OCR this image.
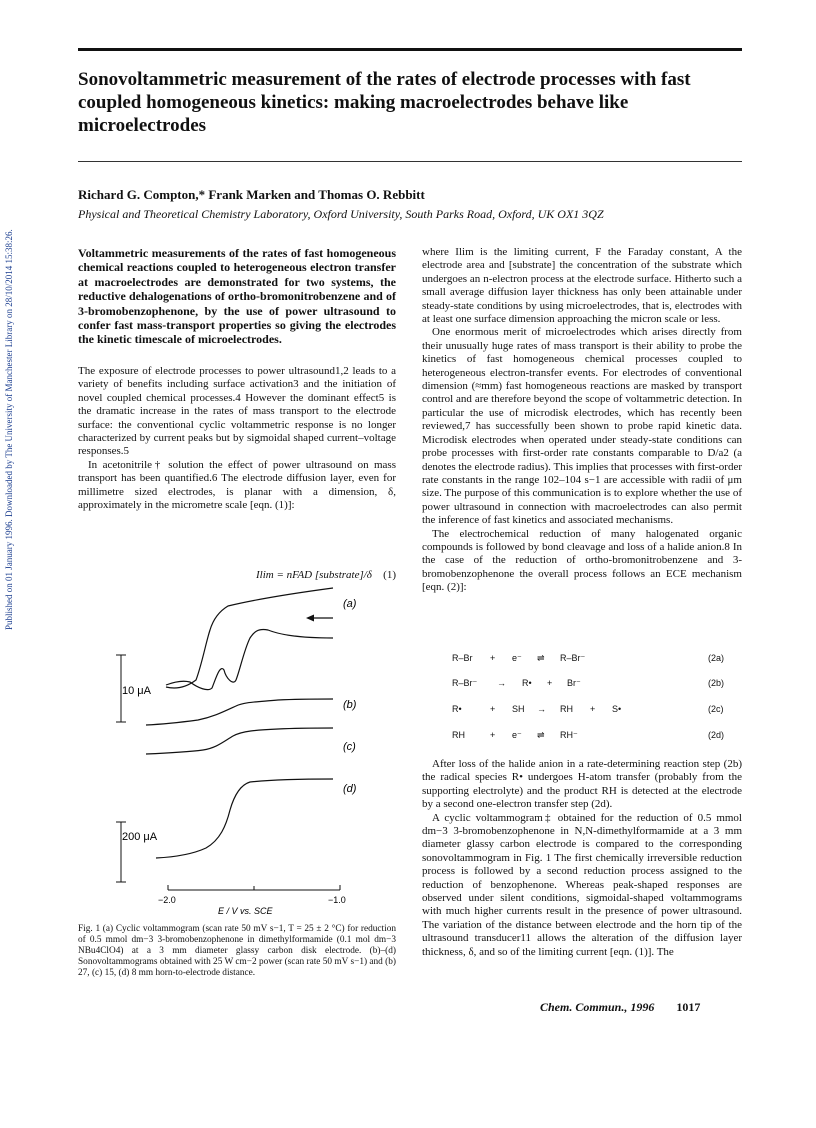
Published on 01 January 1996. Downloaded by The University of Manchester Library on 28/10/2014 15:38:26.
Sonovoltammetric measurement of the rates of electrode processes with fast coupled homogeneous kinetics: making macroelectrodes behave like microelectrodes
Richard G. Compton,* Frank Marken and Thomas O. Rebbitt
Physical and Theoretical Chemistry Laboratory, Oxford University, South Parks Road, Oxford, UK OX1 3QZ
Voltammetric measurements of the rates of fast homogeneous chemical reactions coupled to heterogeneous electron transfer at macroelectrodes are demonstrated for two systems, the reductive dehalogenations of ortho-bromonitrobenzene and of 3-bromobenzophenone, by the use of power ultrasound to confer fast mass-transport properties so giving the electrodes the kinetic timescale of microelectrodes.

The exposure of electrode processes to power ultrasound1,2 leads to a variety of benefits including surface activation3 and the initiation of novel coupled chemical processes.4 However the dominant effect5 is the dramatic increase in the rates of mass transport to the electrode surface: the conventional cyclic voltammetric response is no longer characterized by current peaks but by sigmoidal shaped current–voltage responses.5

In acetonitrile† solution the effect of power ultrasound on mass transport has been quantified.6 The electrode diffusion layer, even for millimetre sized electrodes, is planar with a dimension, δ, approximately in the micrometre scale [eqn. (1)]:

Ilim = nFAD [substrate]/δ (1)
(a)
(b)
(c)
(d)
10 μA
200 μA
−2.0	−1.0
E / V vs. SCE
Fig. 1 (a) Cyclic voltammogram (scan rate 50 mV s−1, T = 25 ± 2 °C) for reduction of 0.5 mmol dm−3 3-bromobenzophenone in dimethylformamide (0.1 mol dm−3 NBu4ClO4) at a 3 mm diameter glassy carbon disk electrode. (b)–(d) Sonovoltammograms obtained with 25 W cm−2 power (scan rate 50 mV s−1) and (b) 27, (c) 15, (d) 8 mm horn-to-electrode distance.

where Ilim is the limiting current, F the Faraday constant, A the electrode area and [substrate] the concentration of the substrate which undergoes an n-electron process at the electrode surface. Hitherto such a small average diffusion layer thickness has only been attainable under steady-state conditions by using microelectrodes, that is, electrodes with at least one surface dimension approaching the micron scale or less.

One enormous merit of microelectrodes which arises directly from their unusually huge rates of mass transport is their ability to probe the kinetics of fast homogeneous chemical processes coupled to heterogeneous electron-transfer events. For electrodes of conventional dimension (≈mm) fast homogeneous reactions are masked by transport control and are therefore beyond the scope of voltammetric detection. In particular the use of microdisk electrodes, which has recently been reviewed,7 has successfully been shown to probe rapid kinetic data. Microdisk electrodes when operated under steady-state conditions can probe processes with first-order rate constants comparable to D/a2 (a denotes the electrode radius). This implies that processes with first-order rate constants in the range 102–104 s−1 are accessible with radii of μm size. The purpose of this communication is to explore whether the use of power ultrasound in connection with macroelectrodes can also permit the inference of fast kinetics and associated mechanisms.

The electrochemical reduction of many halogenated organic compounds is followed by bond cleavage and loss of a halide anion.8 In the case of the reduction of ortho-bromonitrobenzene and 3-bromobenzophenone the overall process follows an ECE mechanism [eqn. (2)]:

R–Br + e⁻ ⇌ R–Br⁻	(2a)
R–Br⁻ → R• + Br⁻	(2b)
R•	+ SH → RH + S•	(2c)
RH	+ e⁻ ⇌ RH⁻	(2d)

After loss of the halide anion in a rate-determining reaction step (2b) the radical species R• undergoes H-atom transfer (probably from the supporting electrolyte) and the product RH is detected at the electrode by a second one-electron transfer step (2d).

A cyclic voltammogram‡ obtained for the reduction of 0.5 mmol dm−3 3-bromobenzophenone in N,N-dimethylformamide at a 3 mm diameter glassy carbon electrode is compared to the corresponding sonovoltammogram in Fig. 1 The first chemically irreversible reduction process is followed by a second reduction process assigned to the reduction of benzophenone. Whereas peak-shaped responses are observed under silent conditions, sigmoidal-shaped voltammograms with much higher currents result in the presence of power ultrasound. The variation of the distance between electrode and the horn tip of the ultrasound transducer11 allows the alteration of the diffusion layer thickness, δ, and so of the limiting current [eqn. (1)]. The

Chem. Commun., 1996 1017
